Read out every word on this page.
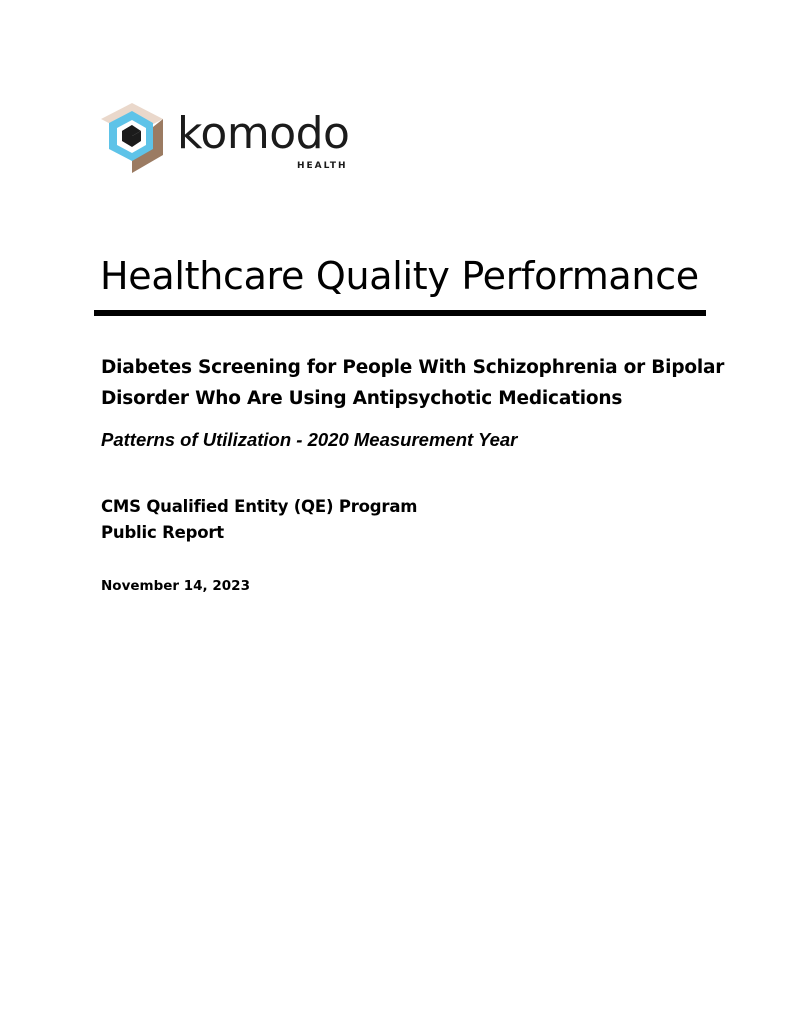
komodo
HEALTH
Healthcare Quality Performance
Diabetes Screening for People With Schizophrenia or Bipolar
Disorder Who Are Using Antipsychotic Medications
Patterns of Utilization - 2020 Measurement Year
CMS Qualified Entity (QE) Program
Public Report
November 14, 2023
